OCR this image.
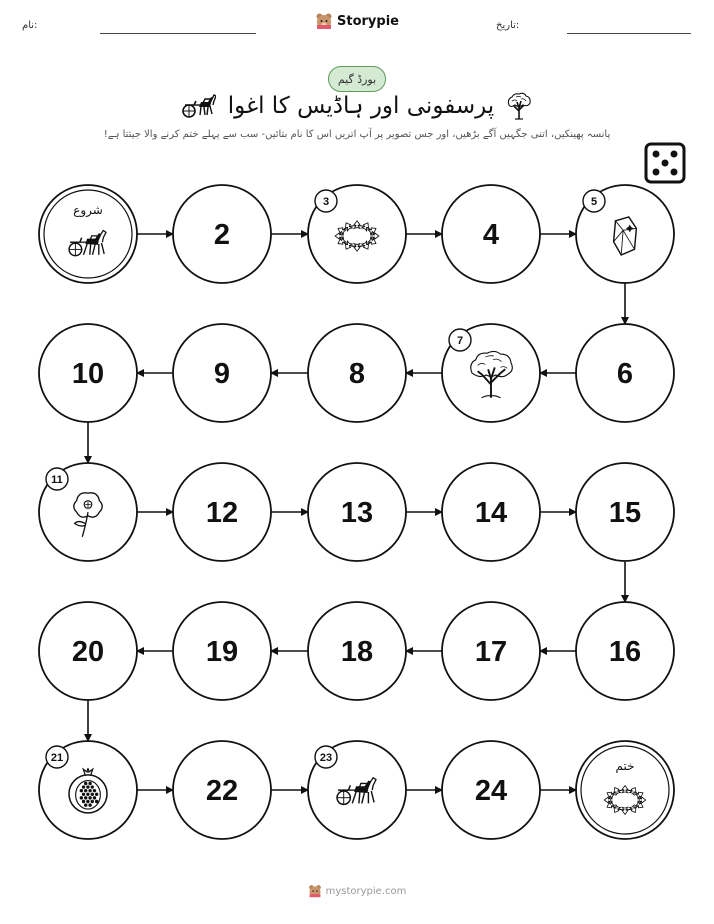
نام:	Storypie	تاریخ:
بورڈ گیم
پرسفونی اور ہاڈیس کا اغوا
پانسہ پھینکیں، اتنی جگہیں آگے بڑھیں، اور جس تصویر پر آپ اتریں اس کا نام بتائیں- سب سے پہلے ختم کرنے والا جیتتا ہے!
شروع
2
3
4
5
6
7
8
9
10
11
12	13	14	15
16
17
18
19
20
21
22
23
24
ختم
mystorypie.com
